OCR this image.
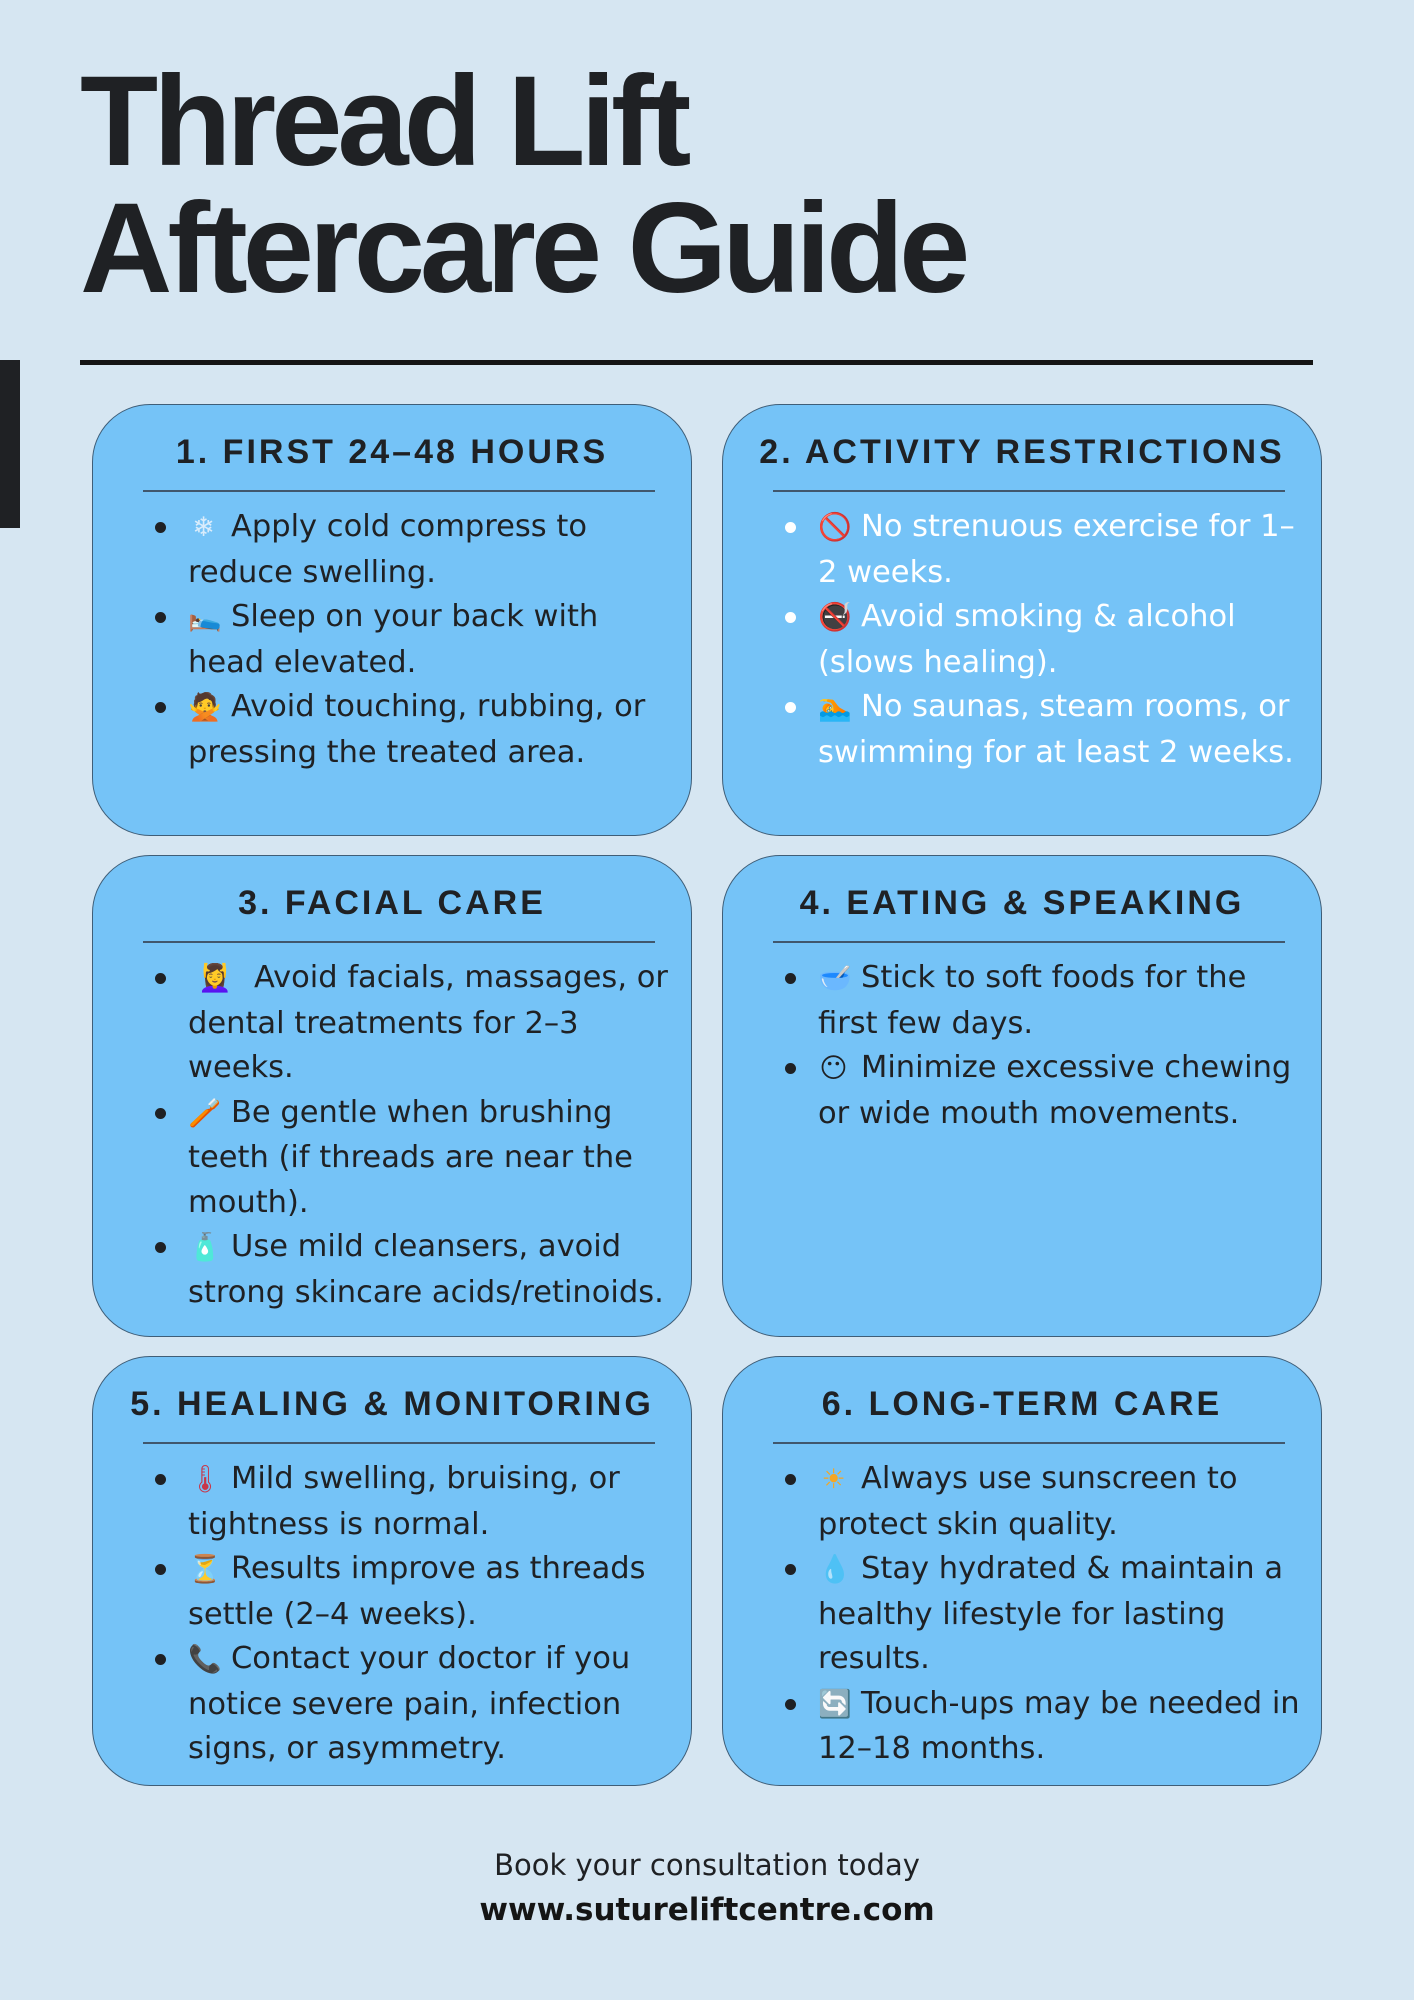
Thread Lift
Aftercare Guide
1. FIRST 24–48 HOURS
❄ Apply cold compress to reduce swelling.
🛌 Sleep on your back with head elevated.
🙅 Avoid touching, rubbing, or pressing the treated area.
2. ACTIVITY RESTRICTIONS
🚫 No strenuous exercise for 1–2 weeks.
🚭 Avoid smoking & alcohol (slows healing).
🏊 No saunas, steam rooms, or swimming for at least 2 weeks.
3. FACIAL CARE
💆‍♀ Avoid facials, massages, or dental treatments for 2–3 weeks.
🪥 Be gentle when brushing teeth (if threads are near the mouth).
🧴 Use mild cleansers, avoid strong skincare acids/retinoids.
4. EATING & SPEAKING
🥣 Stick to soft foods for the first few days.
😶 Minimize excessive chewing or wide mouth movements.
5. HEALING & MONITORING
🌡 Mild swelling, bruising, or tightness is normal.
⏳ Results improve as threads settle (2–4 weeks).
📞 Contact your doctor if you notice severe pain, infection signs, or asymmetry.
6. LONG-TERM CARE
☀ Always use sunscreen to protect skin quality.
💧 Stay hydrated & maintain a healthy lifestyle for lasting results.
🔄 Touch-ups may be needed in 12–18 months.
Book your consultation today
www.sutureliftcentre.com
